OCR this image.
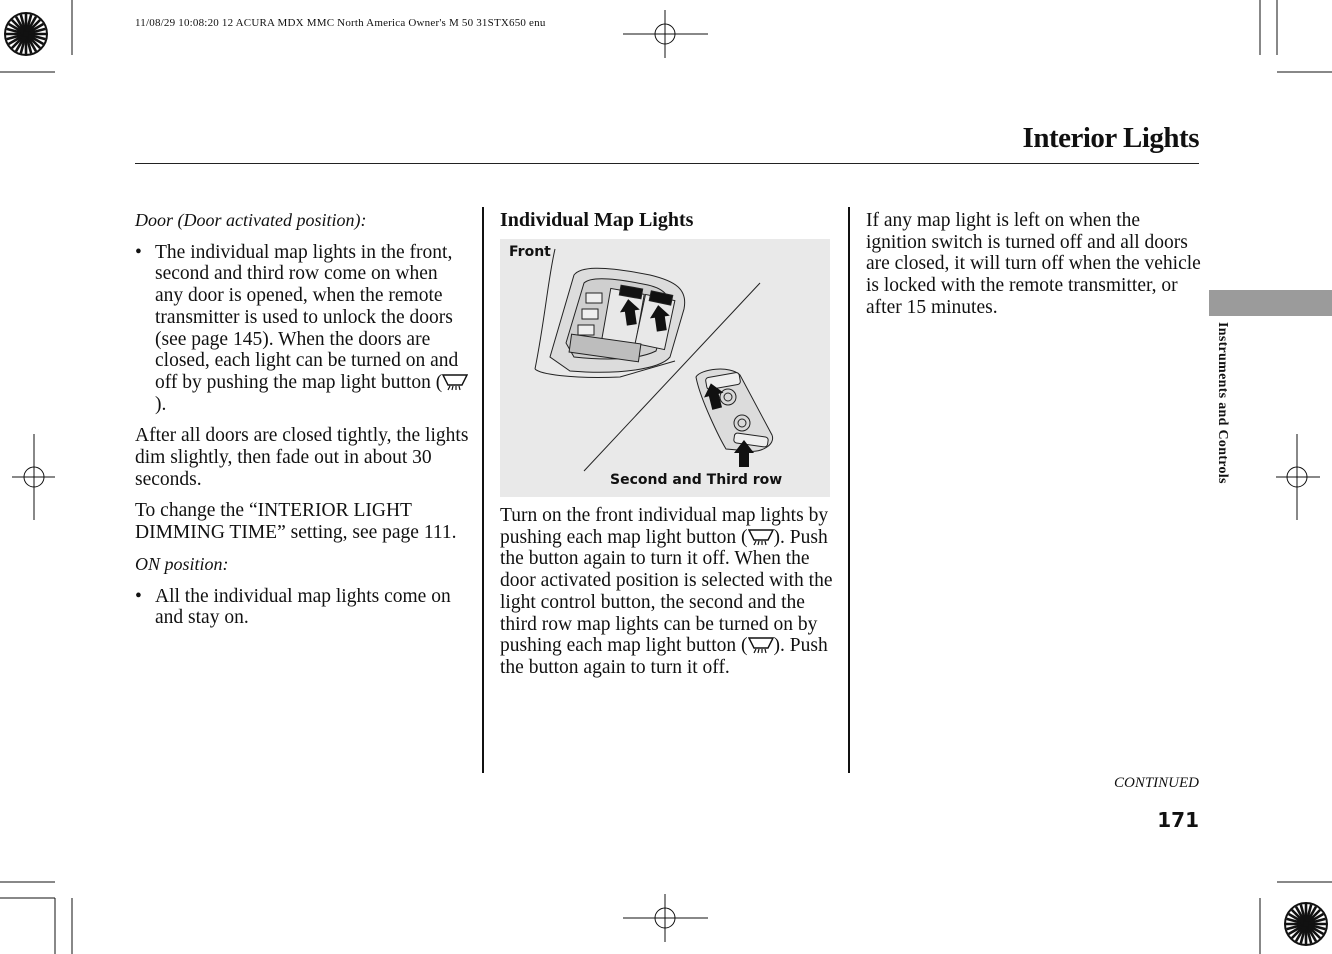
11/08/29 10:08:20 12 ACURA MDX MMC North America Owner's M 50 31STX650 enu
Interior Lights
Door (Door activated position):
• The individual map lights in the front, second and third row come on when any door is opened, when the remote transmitter is used to unlock the doors (see page 145). When the doors are closed, each light can be turned on and off by pushing the map light button ().

After all doors are closed tightly, the lights dim slightly, then fade out in about 30 seconds.

To change the “INTERIOR LIGHT DIMMING TIME” setting, see page 111.

ON position:
• All the individual map lights come on and stay on.
Individual Map Lights
Front
Second and Third row
Turn on the front individual map lights by pushing each map light button ( ). Push the button again to turn it off. When the door activated position is selected with the light control button, the second and the third row map lights can be turned on by pushing each map light button ( ). Push the button again to turn it off.
If any map light is left on when the ignition switch is turned off and all doors are closed, it will turn off when the vehicle is locked with the remote transmitter, or after 15 minutes.
Instruments and Controls
CONTINUED
171
